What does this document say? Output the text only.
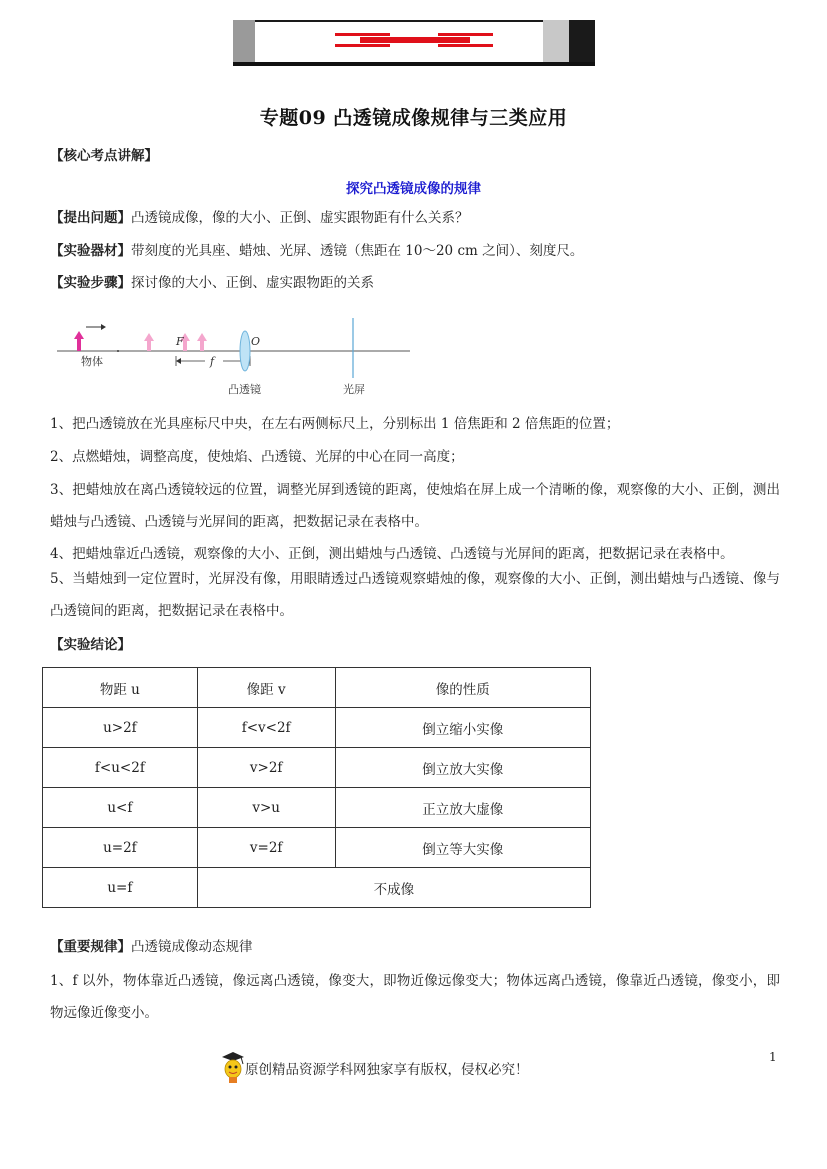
专题09 凸透镜成像规律与三类应用
【核心考点讲解】
探究凸透镜成像的规律
【提出问题】凸透镜成像，像的大小、正倒、虚实跟物距有什么关系？
【实验器材】带刻度的光具座、蜡烛、光屏、透镜（焦距在 10～20 cm 之间）、刻度尺。
【实验步骤】探讨像的大小、正倒、虚实跟物距的关系
物体
F
f
O
凸透镜	光屏
1、把凸透镜放在光具座标尺中央，在左右两侧标尺上，分别标出 1 倍焦距和 2 倍焦距的位置；
2、点燃蜡烛，调整高度，使烛焰、凸透镜、光屏的中心在同一高度；
3、把蜡烛放在离凸透镜较远的位置，调整光屏到透镜的距离，使烛焰在屏上成一个清晰的像，观察像的大小、正倒，测出蜡烛与凸透镜、凸透镜与光屏间的距离，把数据记录在表格中。
4、把蜡烛靠近凸透镜，观察像的大小、正倒，测出蜡烛与凸透镜、凸透镜与光屏间的距离，把数据记录在表格中。
5、当蜡烛到一定位置时，光屏没有像，用眼睛透过凸透镜观察蜡烛的像，观察像的大小、正倒，测出蜡烛与凸透镜、像与凸透镜间的距离，把数据记录在表格中。
【实验结论】
物距 u	像距 v	像的性质
u>2f	f<v<2f	倒立缩小实像
f<u<2f	v>2f	倒立放大实像
u<f	v>u	正立放大虚像
u=2f	v=2f	倒立等大实像
u=f	不成像	
【重要规律】凸透镜成像动态规律
1、f 以外，物体靠近凸透镜，像远离凸透镜，像变大，即物近像远像变大；物体远离凸透镜，像靠近凸透镜，像变小，即物远像近像变小。
1
原创精品资源学科网独家享有版权，侵权必究！
